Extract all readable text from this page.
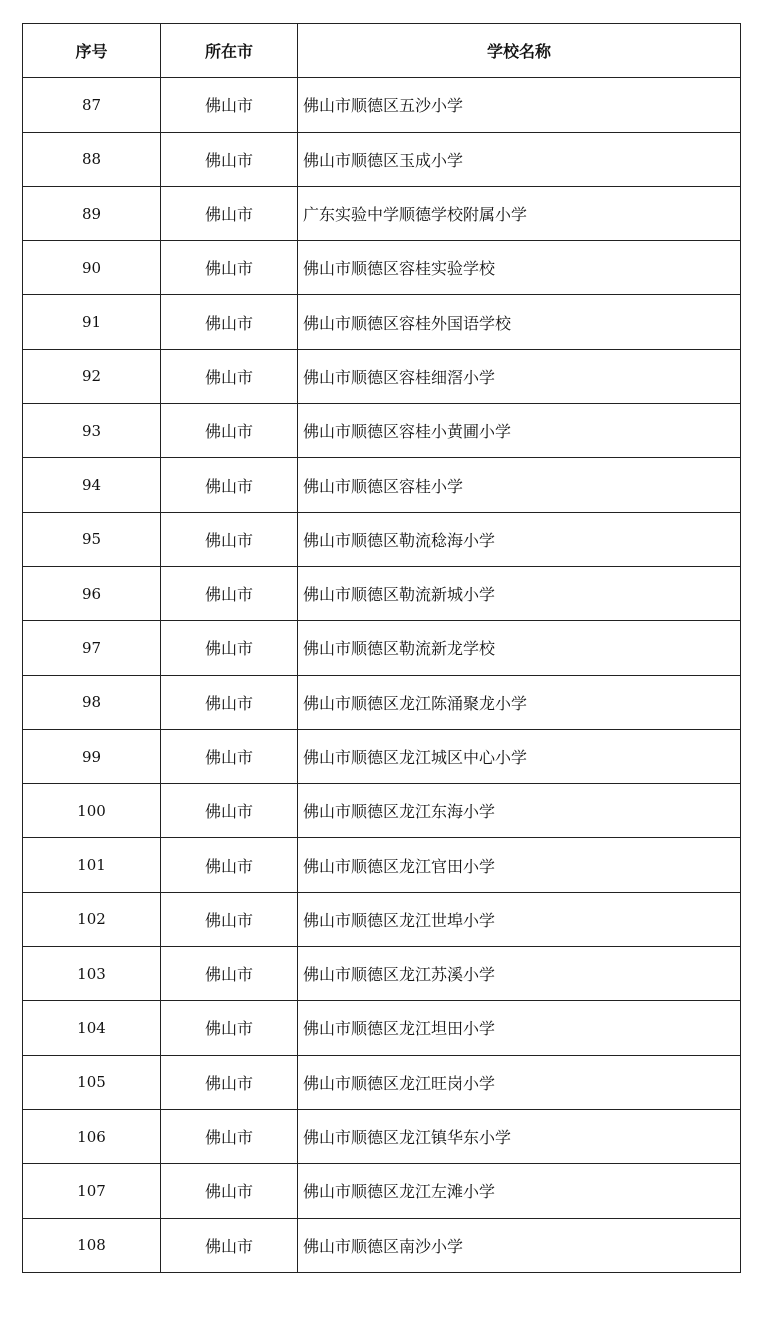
序号	所在市	学校名称
87	佛山市	佛山市顺德区五沙小学
88	佛山市	佛山市顺德区玉成小学
89	佛山市	广东实验中学顺德学校附属小学
90	佛山市	佛山市顺德区容桂实验学校
91	佛山市	佛山市顺德区容桂外国语学校
92	佛山市	佛山市顺德区容桂细滘小学
93	佛山市	佛山市顺德区容桂小黄圃小学
94	佛山市	佛山市顺德区容桂小学
95	佛山市	佛山市顺德区勒流稔海小学
96	佛山市	佛山市顺德区勒流新城小学
97	佛山市	佛山市顺德区勒流新龙学校
98	佛山市	佛山市顺德区龙江陈涌聚龙小学
99	佛山市	佛山市顺德区龙江城区中心小学
100	佛山市	佛山市顺德区龙江东海小学
101	佛山市	佛山市顺德区龙江官田小学
102	佛山市	佛山市顺德区龙江世埠小学
103	佛山市	佛山市顺德区龙江苏溪小学
104	佛山市	佛山市顺德区龙江坦田小学
105	佛山市	佛山市顺德区龙江旺岗小学
106	佛山市	佛山市顺德区龙江镇华东小学
107	佛山市	佛山市顺德区龙江左滩小学
108	佛山市	佛山市顺德区南沙小学
